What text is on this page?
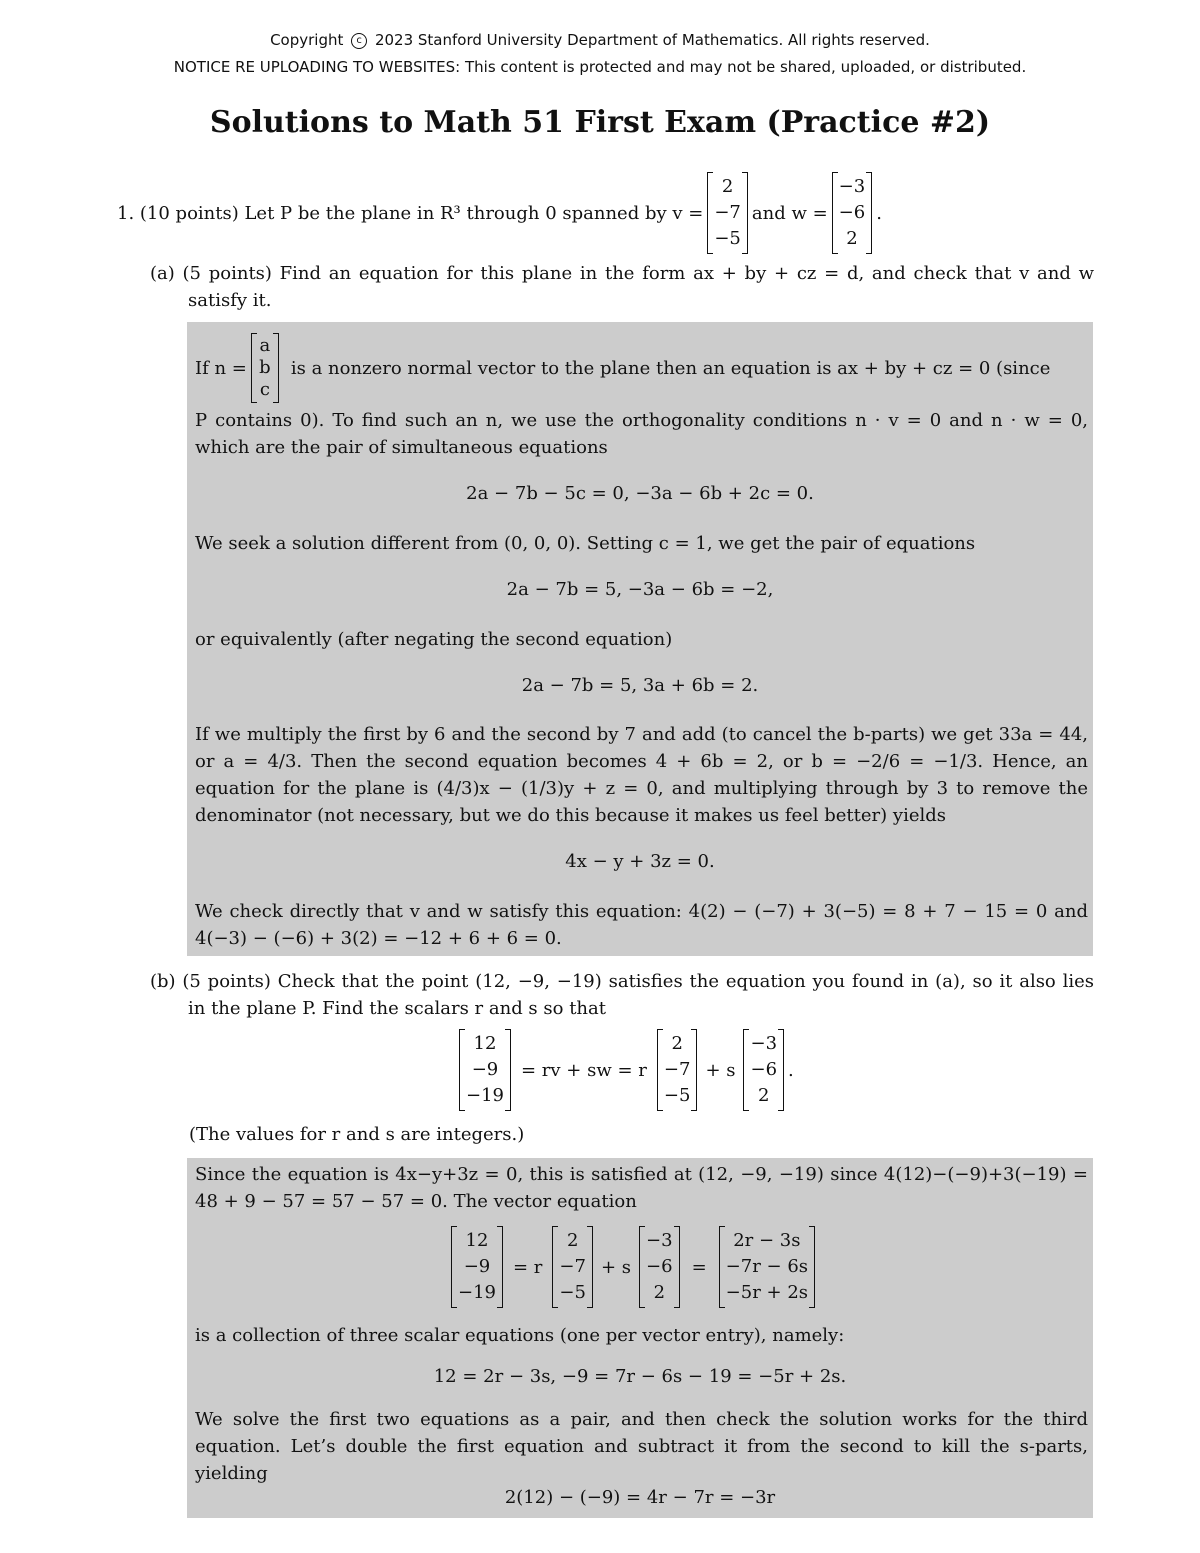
Copyright c 2023 Stanford University Department of Mathematics. All rights reserved.
NOTICE RE UPLOADING TO WEBSITES: This content is protected and may not be shared, uploaded, or distributed.
Solutions to Math 51 First Exam (Practice #2)
1. (10 points) Let P be the plane in R³ through 0 spanned by v =
2
−7
−5
and w =
−3
−6
2
.
(a) (5 points) Find an equation for this plane in the form ax + by + cz = d, and check that v and w satisfy it.
If n =
a
b
c
is a nonzero normal vector to the plane then an equation is ax + by + cz = 0 (since
P contains 0). To find such an n, we use the orthogonality conditions n · v = 0 and n · w = 0, which are the pair of simultaneous equations
2a − 7b − 5c = 0, −3a − 6b + 2c = 0.
We seek a solution different from (0, 0, 0). Setting c = 1, we get the pair of equations
2a − 7b = 5, −3a − 6b = −2,
or equivalently (after negating the second equation)
2a − 7b = 5, 3a + 6b = 2.
If we multiply the first by 6 and the second by 7 and add (to cancel the b-parts) we get 33a = 44, or a = 4/3. Then the second equation becomes 4 + 6b = 2, or b = −2/6 = −1/3. Hence, an equation for the plane is (4/3)x − (1/3)y + z = 0, and multiplying through by 3 to remove the denominator (not necessary, but we do this because it makes us feel better) yields
4x − y + 3z = 0.
We check directly that v and w satisfy this equation: 4(2) − (−7) + 3(−5) = 8 + 7 − 15 = 0 and 4(−3) − (−6) + 3(2) = −12 + 6 + 6 = 0.
(b) (5 points) Check that the point (12, −9, −19) satisfies the equation you found in (a), so it also lies in the plane P. Find the scalars r and s so that
12
−9
−19
= rv + sw = r
2
−7
−5
+ s
−3
−6
2
.
(The values for r and s are integers.)
Since the equation is 4x−y+3z = 0, this is satisfied at (12, −9, −19) since 4(12)−(−9)+3(−19) = 48 + 9 − 57 = 57 − 57 = 0. The vector equation
12
−9
−19
= r
2
−7
−5
+ s
−3
−6
2
=
2r − 3s
−7r − 6s
−5r + 2s
is a collection of three scalar equations (one per vector entry), namely:
12 = 2r − 3s, −9 = 7r − 6s − 19 = −5r + 2s.
We solve the first two equations as a pair, and then check the solution works for the third equation. Let’s double the first equation and subtract it from the second to kill the s-parts, yielding
2(12) − (−9) = 4r − 7r = −3r
